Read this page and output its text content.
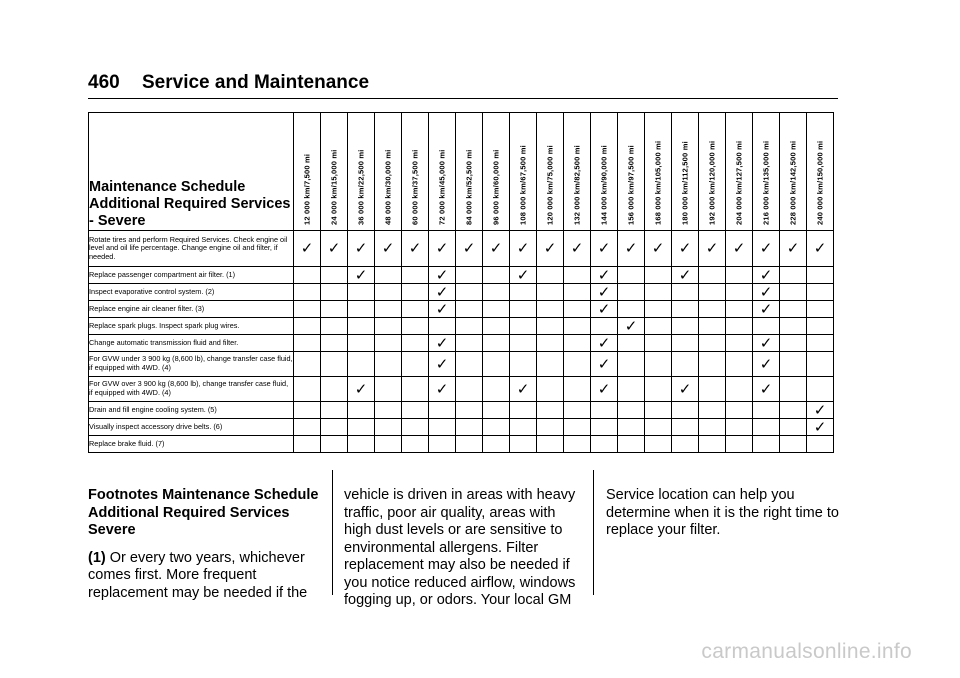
460 Service and Maintenance
Maintenance Schedule Additional Required Services - Severe	12 000 km/7,500 mi	24 000 km/15,000 mi	36 000 km/22,500 mi	48 000 km/30,000 mi	60 000 km/37,500 mi	72 000 km/45,000 mi	84 000 km/52,500 mi	96 000 km/60,000 mi	108 000 km/67,500 mi	120 000 km/75,000 mi	132 000 km/82,500 mi	144 000 km/90,000 mi	156 000 km/97,500 mi	168 000 km/105,000 mi	180 000 km/112,500 mi	192 000 km/120,000 mi	204 000 km/127,500 mi	216 000 km/135,000 mi	228 000 km/142,500 mi	240 000 km/150,000 mi

Rotate tires and perform Required Services. Check engine oil level and oil life percentage. Change engine oil and filter, if needed.	✓	✓	✓	✓	✓	✓	✓	✓	✓	✓	✓	✓	✓	✓	✓	✓	✓	✓	✓	✓
Replace passenger compartment air filter. (1)			✓			✓			✓			✓			✓			✓		
Inspect evaporative control system. (2)						✓						✓						✓		
Replace engine air cleaner filter. (3)						✓						✓						✓		
Replace spark plugs. Inspect spark plug wires.													✓							
Change automatic transmission fluid and filter.						✓						✓						✓		
For GVW under 3 900 kg (8,600 lb), change transfer case fluid, if equipped with 4WD. (4)						✓						✓						✓		
For GVW over 3 900 kg (8,600 lb), change transfer case fluid, if equipped with 4WD. (4)			✓			✓			✓			✓			✓			✓		
Drain and fill engine cooling system. (5)																				✓
Visually inspect accessory drive belts. (6)																				✓
Replace brake fluid. (7)																				

Footnotes Maintenance Schedule Additional Required Services Severe

(1) Or every two years, whichever comes first. More frequent replacement may be needed if the

vehicle is driven in areas with heavy traffic, poor air quality, areas with high dust levels or are sensitive to environmental allergens. Filter replacement may also be needed if you notice reduced airflow, windows fogging up, or odors. Your local GM

Service location can help you determine when it is the right time to replace your filter.

carmanualsonline.info
